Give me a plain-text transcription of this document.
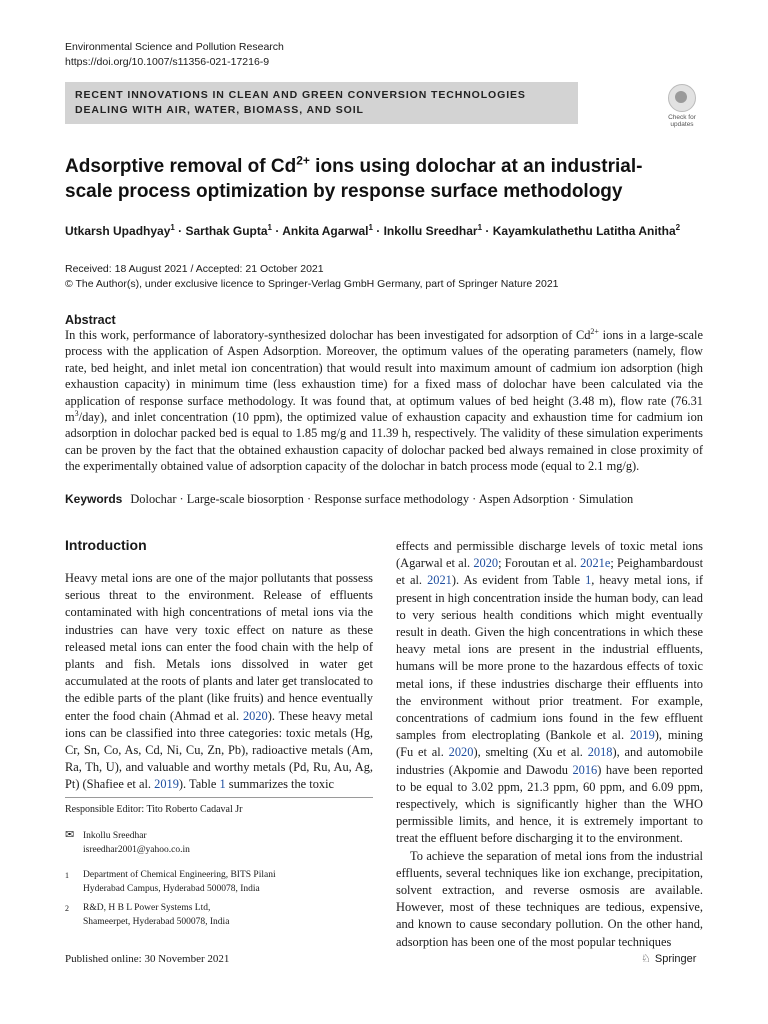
Environmental Science and Pollution Research
https://doi.org/10.1007/s11356-021-17216-9
RECENT INNOVATIONS IN CLEAN AND GREEN CONVERSION TECHNOLOGIES
DEALING WITH AIR, WATER, BIOMASS, AND SOIL
Check for
updates
Adsorptive removal of $Cd^{2+}$ ions using dolochar at an industrial-scale process optimization by response surface methodology
Utkarsh Upadhyay$^1$ · Sarthak Gupta$^1$ · Ankita Agarwal$^1$ · Inkollu Sreedhar$^1$ · Kayamkulathethu Latitha Anitha$^2$
Received: 18 August 2021 / Accepted: 21 October 2021
© The Author(s), under exclusive licence to Springer-Verlag GmbH Germany, part of Springer Nature 2021
Abstract
In this work, performance of laboratory-synthesized dolochar has been investigated for adsorption of $Cd^{2+}$ ions in a large-scale process with the application of Aspen Adsorption. Moreover, the optimum values of the operating parameters (namely, flow rate, bed height, and inlet metal ion concentration) that would result into maximum amount of cadmium ion adsorption (high exhaustion capacity) in minimum time (less exhaustion time) for a fixed mass of dolochar have been calculated via the application of response surface methodology. It was found that, at optimum values of bed height (3.48 m), flow rate (76.31 $m^3/day$), and inlet concentration (10 ppm), the optimized value of exhaustion capacity and exhaustion time for cadmium ion adsorption in dolochar packed bed is equal to 1.85 mg/g and 11.39 h, respectively. The validity of these simulation experiments can be proven by the fact that the obtained exhaustion capacity of dolochar packed bed always remained in close proximity of the experimentally obtained value of adsorption capacity of the dolochar in batch process mode (equal to 2.1 mg/g).
Keywords Dolochar · Large-scale biosorption · Response surface methodology · Aspen Adsorption · Simulation
Introduction

Heavy metal ions are one of the major pollutants that possess serious threat to the environment. Release of effluents contaminated with high concentrations of metal ions via the industries can have very toxic effect on nature as these released metal ions can enter the food chain with the help of plants and fish. Metals ions dissolved in water get accumulated at the roots of plants and later get translocated to the edible parts of the plant (like fruits) and hence eventually enter the food chain (Ahmad et al. 2020). These heavy metal ions can be classified into three categories: toxic metals (Hg, Cr, Sn, Co, As, Cd, Ni, Cu, Zn, Pb), radioactive metals (Am, Ra, Th, U), and valuable and worthy metals (Pd, Ru, Au, Ag, Pt) (Shafiee et al. 2019). Table 1 summarizes the toxic

effects and permissible discharge levels of toxic metal ions (Agarwal et al. 2020; Foroutan et al. 2021e; Peighambardoust et al. 2021). As evident from Table 1, heavy metal ions, if present in high concentration inside the human body, can lead to very serious health conditions which might eventually result in death. Given the high concentrations in which these heavy metal ions are present in the industrial effluents, humans will be more prone to the hazardous effects of toxic metal ions, if these industries discharge their effluents into the environment without prior treatment. For example, concentrations of cadmium ions found in the few effluent samples from electroplating (Bankole et al. 2019), mining (Fu et al. 2020), smelting (Xu et al. 2018), and automobile industries (Akpomie and Dawodu 2016) have been reported to be equal to 3.02 ppm, 21.3 ppm, 60 ppm, and 6.09 ppm, respectively, which is significantly higher than the WHO permissible limits, and hence, it is extremely important to treat the effluent before discharging it to the environment.

To achieve the separation of metal ions from the industrial effluents, several techniques like ion exchange, precipitation, solvent extraction, and reverse osmosis are available. However, most of these techniques are tedious, expensive, and known to cause secondary pollution. On the other hand, adsorption has been one of the most popular techniques

Responsible Editor: Tito Roberto Cadaval Jr
✉ Inkollu Sreedhar
isreedhar2001@yahoo.co.in
1 Department of Chemical Engineering, BITS Pilani
Hyderabad Campus, Hyderabad 500078, India
2 R&D, H B L Power Systems Ltd,
Shameerpet, Hyderabad 500078, India
Published online: 30 November 2021	♘ Springer
